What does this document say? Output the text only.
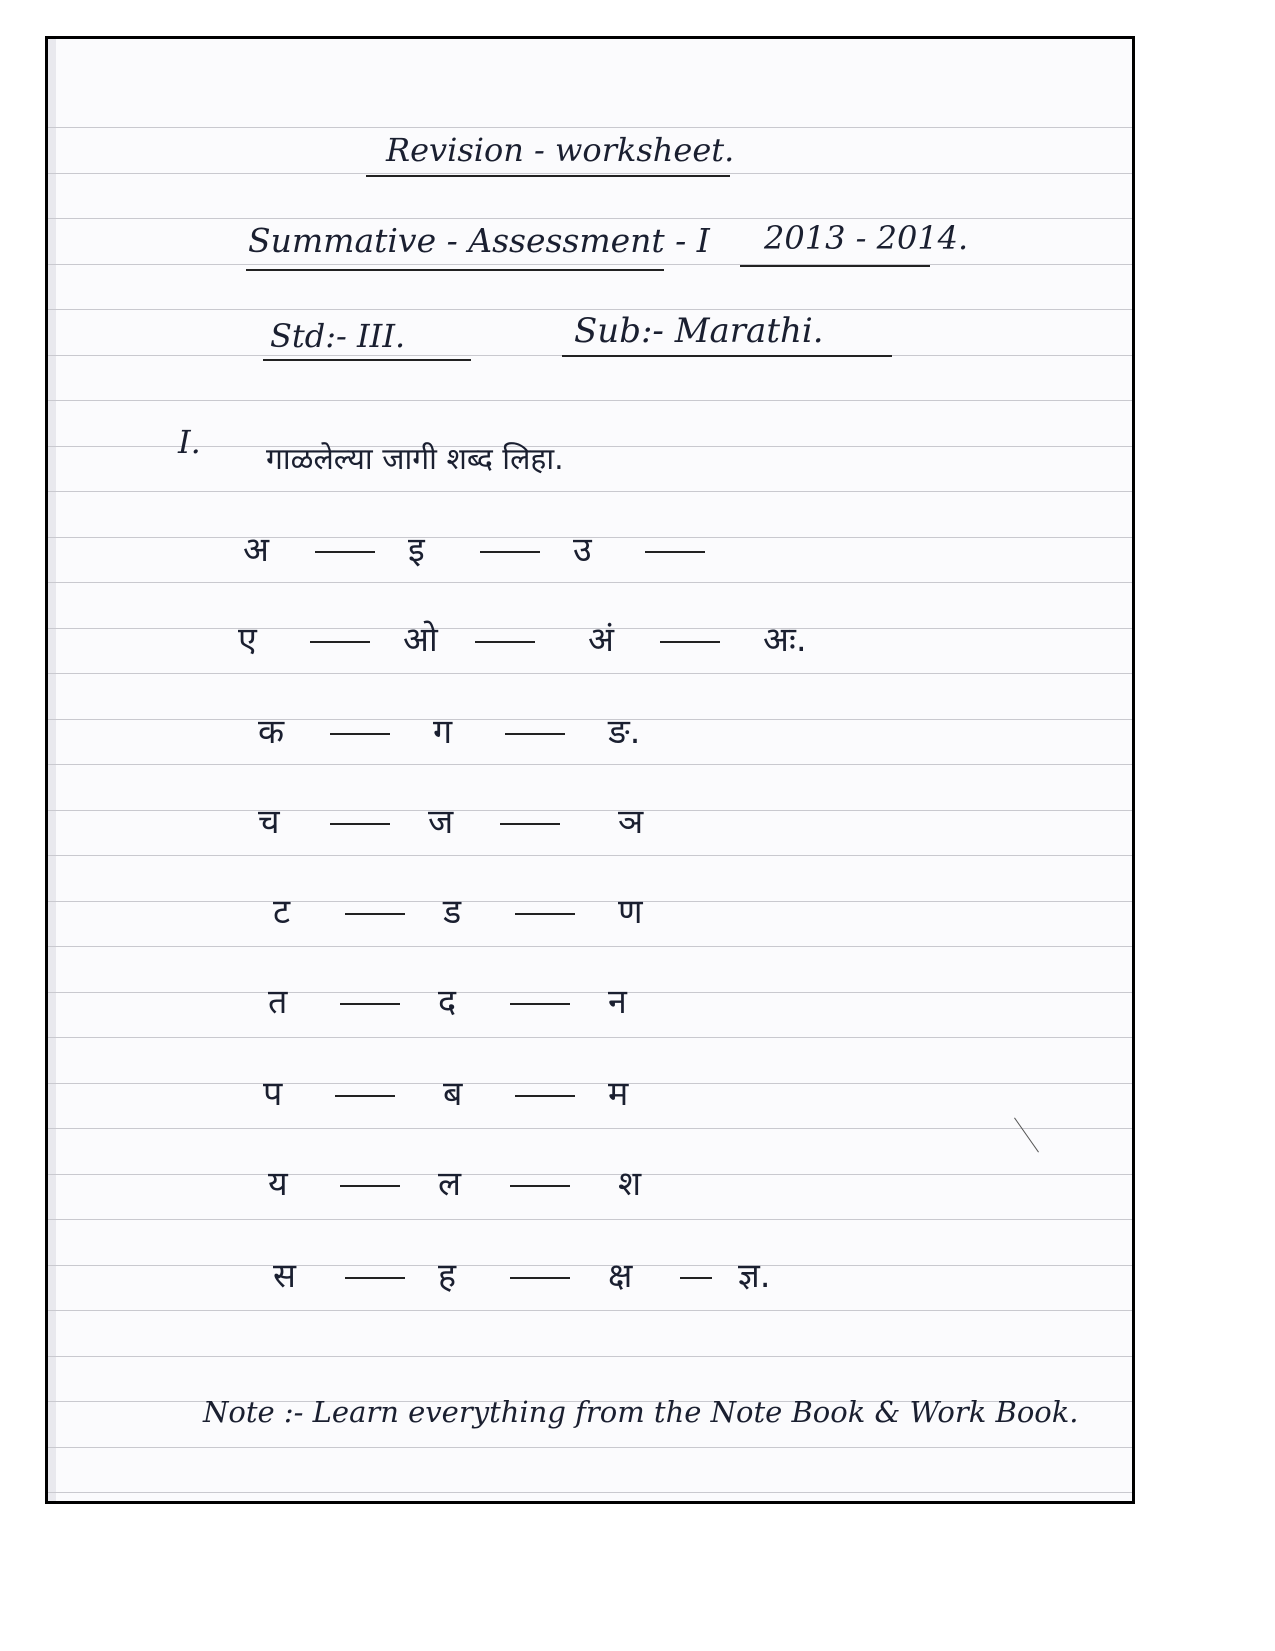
Revision - worksheet.
Summative - Assessment - I 2013 - 2014.
Std:- III.	Sub:- Marathi.
I. गाळलेल्या जागी शब्द लिहा.
अ	इ	उ
ए	ओ	अं	अः.
क	ग	ङ.
च	ज	ञ
ट	ड	ण
त	द	न
प	ब	म
य	ल	श
स	ह	क्ष	ज्ञ.
Note :- Learn everything from the Note Book & Work Book.
